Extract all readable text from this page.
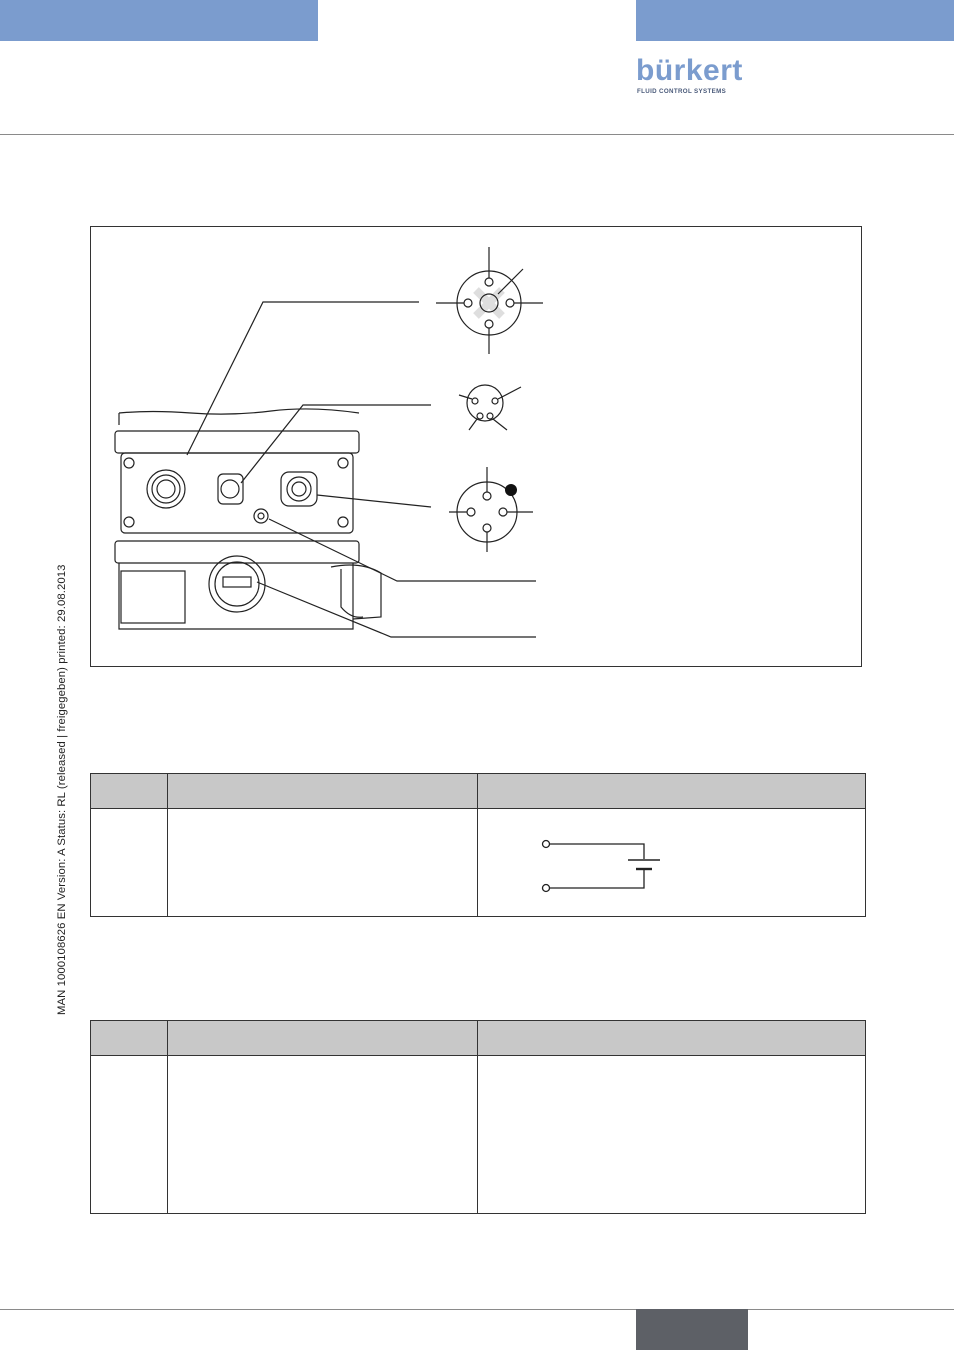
bürkert
FLUID CONTROL SYSTEMS
MAN 1000108626 EN Version: A Status: RL (released | freigegeben) printed: 29.08.2013
